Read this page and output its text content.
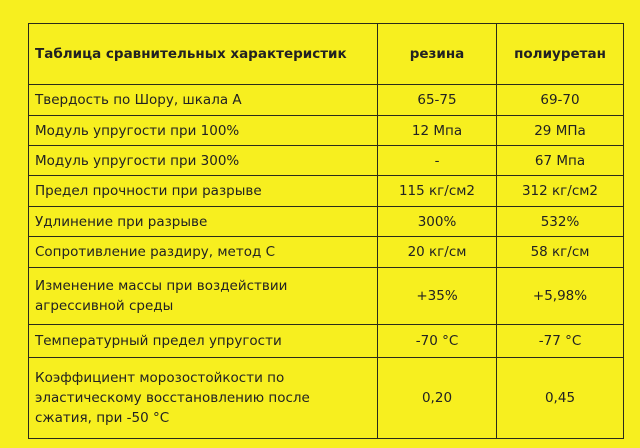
Таблица сравнительных характеристик	резина	полиуретан
Твердость по Шору, шкала А	65-75	69-70
Модуль упругости при 100%	12 Мпа	29 МПа
Модуль упругости при 300%	-	67 Мпа
Предел прочности при разрыве	115 кг/см2	312 кг/см2
Удлинение при разрыве	300%	532%
Сопротивление раздиру, метод С	20 кг/см	58 кг/см
Изменение массы при воздействии агрессивной среды	+35%	+5,98%
Температурный предел упругости	-70 °С	-77 °С
Коэффициент морозостойкости по эластическому восстановлению после сжатия, при -50 °С	0,20	0,45
